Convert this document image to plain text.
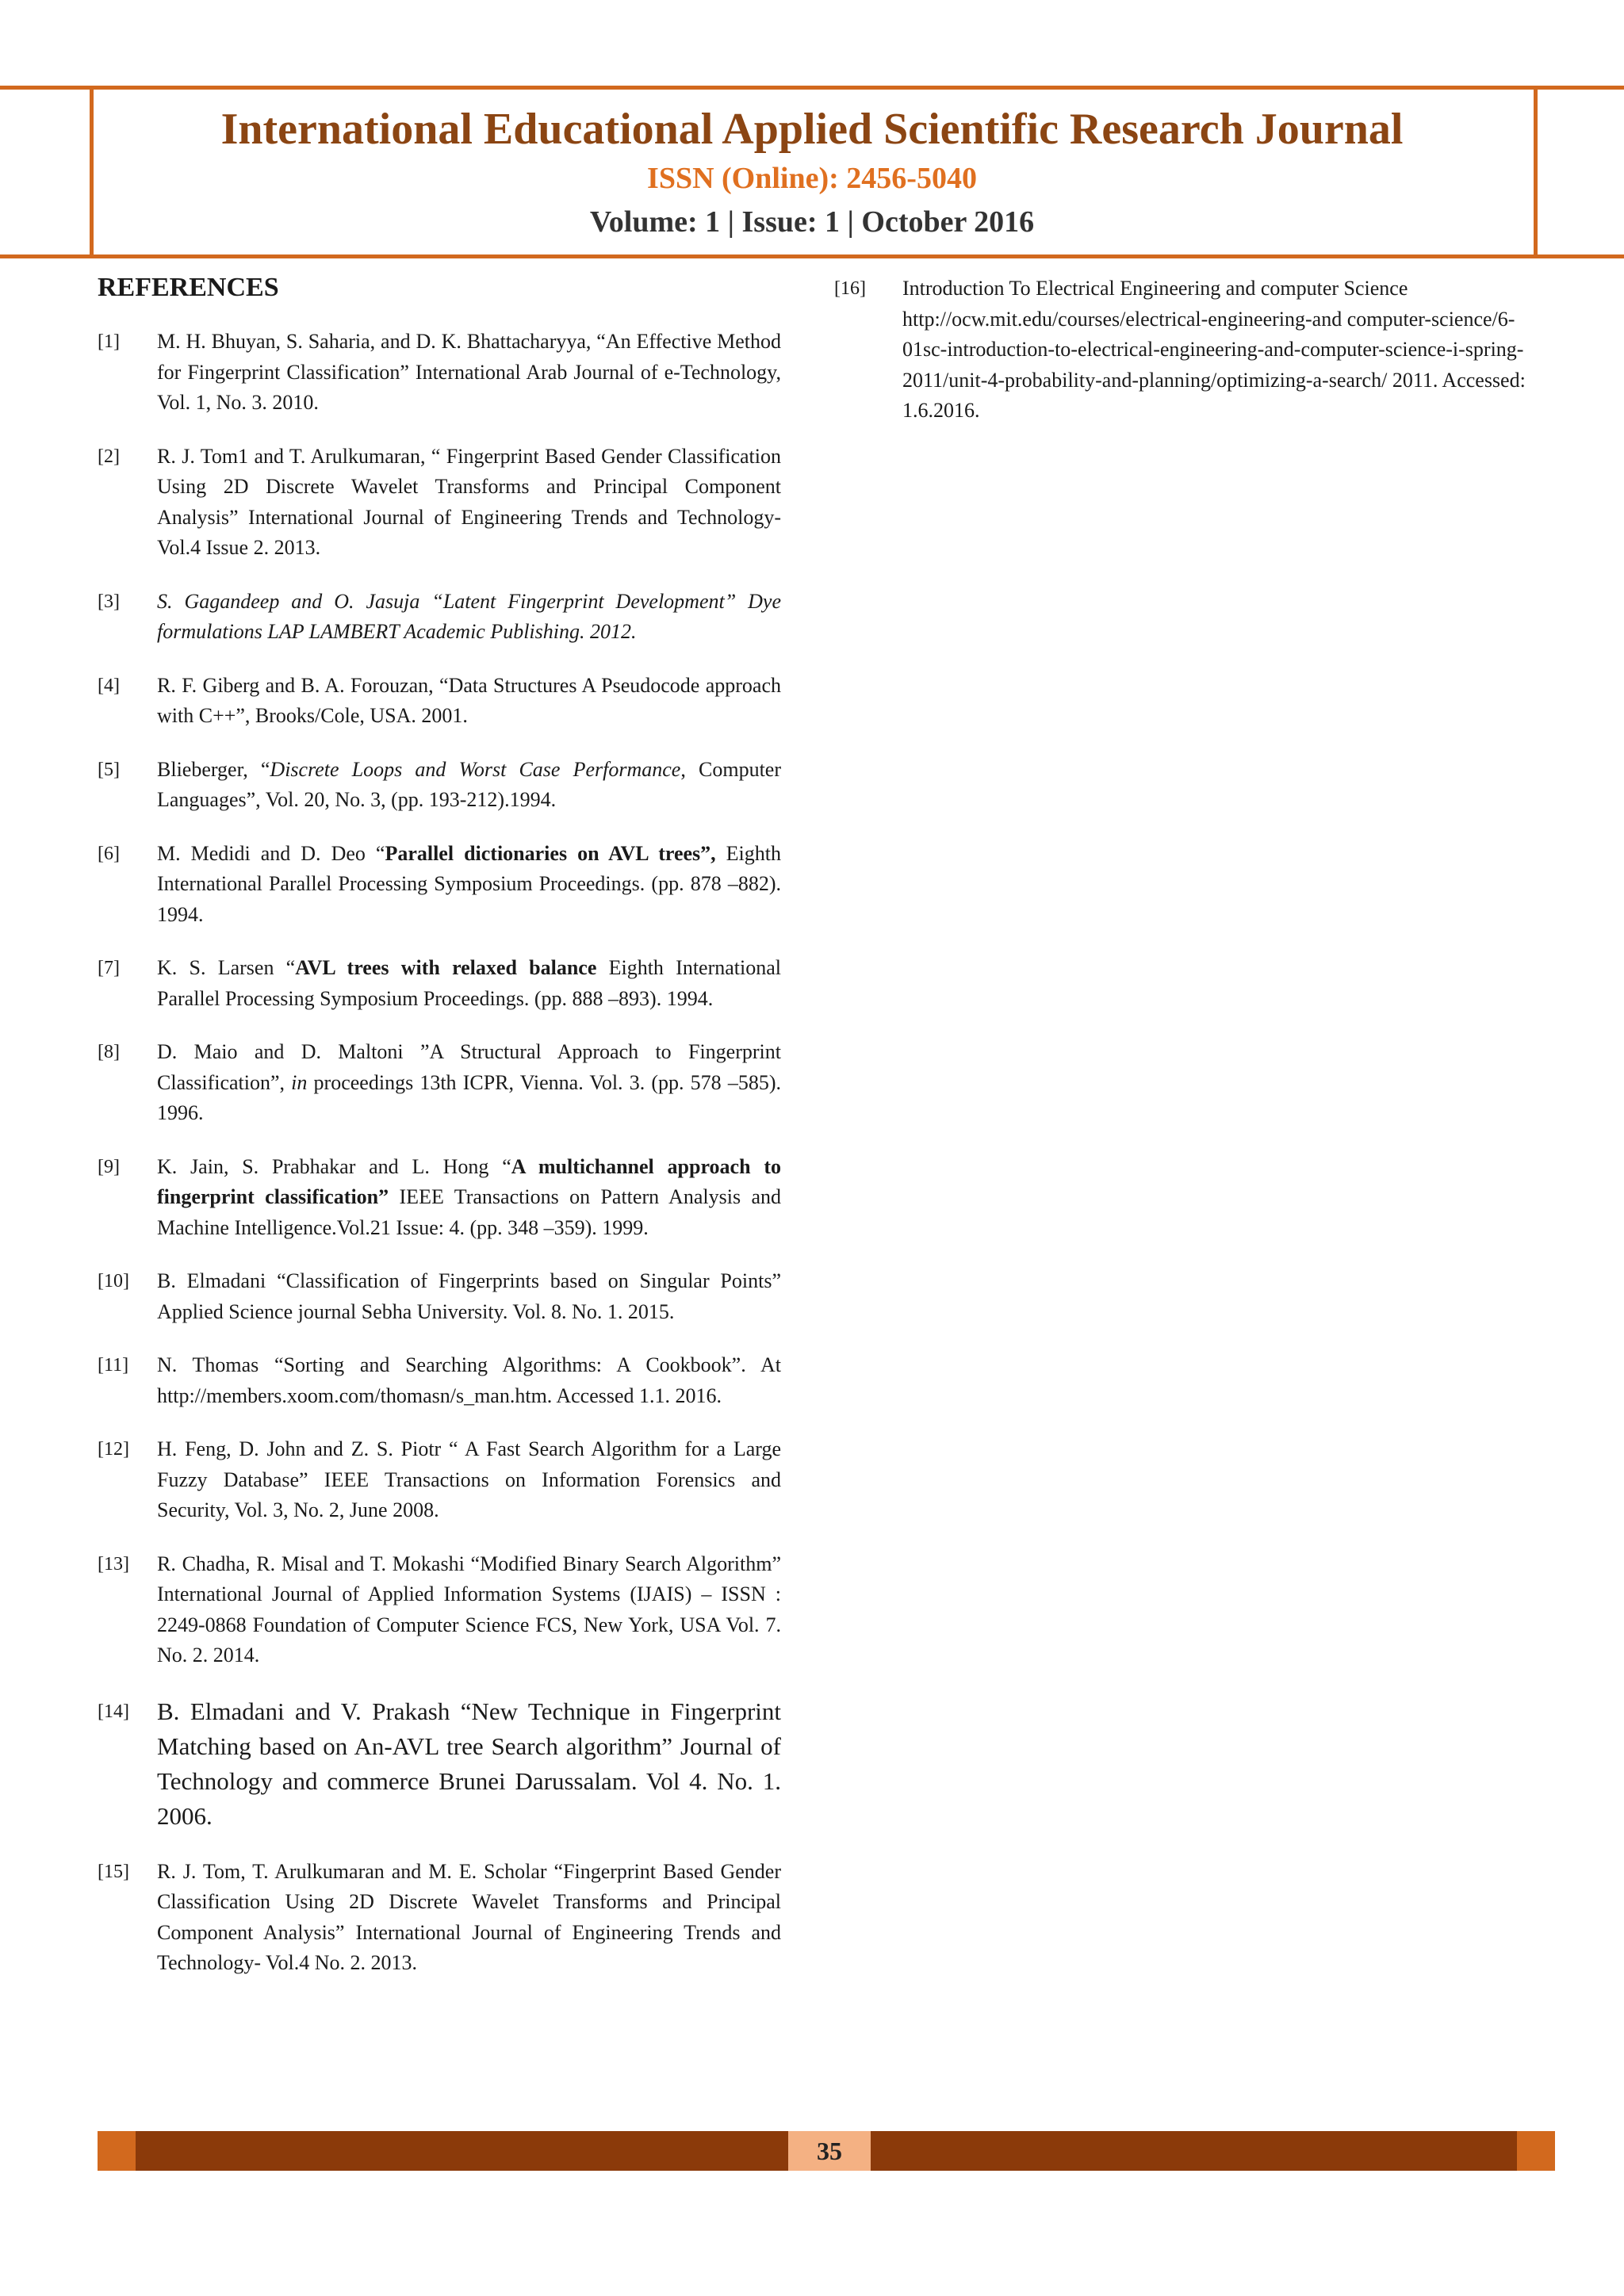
International Educational Applied Scientific Research Journal
ISSN (Online): 2456-5040
Volume: 1 | Issue: 1 | October 2016
REFERENCES
[1]	M. H. Bhuyan, S. Saharia, and D. K. Bhattacharyya, “An Effective Method for Fingerprint Classification” International Arab Journal of e-Technology, Vol. 1, No. 3. 2010.
[2]	R. J. Tom1 and T. Arulkumaran, “ Fingerprint Based Gender Classification Using 2D Discrete Wavelet Transforms and Principal Component Analysis” International Journal of Engineering Trends and Technology- Vol.4 Issue 2. 2013.
[3]	S. Gagandeep and O. Jasuja “Latent Fingerprint Development” Dye formulations LAP LAMBERT Academic Publishing. 2012.
[4]	R. F. Giberg and B. A. Forouzan, “Data Structures A Pseudocode approach with C++”, Brooks/Cole, USA. 2001.
[5]	Blieberger, “Discrete Loops and Worst Case Performance, Computer Languages”, Vol. 20, No. 3, (pp. 193-212).1994.
[6]	M. Medidi and D. Deo “Parallel dictionaries on AVL trees”, Eighth International Parallel Processing Symposium Proceedings. (pp. 878 –882). 1994.
[7]	K. S. Larsen “AVL trees with relaxed balance Eighth International Parallel Processing Symposium Proceedings. (pp. 888 –893). 1994.
[8]	D. Maio and D. Maltoni ”A Structural Approach to Fingerprint Classification”, in proceedings 13th ICPR, Vienna. Vol. 3. (pp. 578 –585). 1996.
[9]	K. Jain, S. Prabhakar and L. Hong “A multichannel approach to fingerprint classification” IEEE Transactions on Pattern Analysis and Machine Intelligence.Vol.21 Issue: 4. (pp. 348 –359). 1999.
[10]	B. Elmadani “Classification of Fingerprints based on Singular Points” Applied Science journal Sebha University. Vol. 8. No. 1. 2015.
[11]	N. Thomas “Sorting and Searching Algorithms: A Cookbook”. At http://members.xoom.com/thomasn/s_man.htm. Accessed 1.1. 2016.
[12]	H. Feng, D. John and Z. S. Piotr “ A Fast Search Algorithm for a Large Fuzzy Database” IEEE Transactions on Information Forensics and Security, Vol. 3, No. 2, June 2008.
[13]	R. Chadha, R. Misal and T. Mokashi “Modified Binary Search Algorithm” International Journal of Applied Information Systems (IJAIS) – ISSN : 2249-0868 Foundation of Computer Science FCS, New York, USA Vol. 7. No. 2. 2014.
[14]	B. Elmadani and V. Prakash “New Technique in Fingerprint Matching based on An-AVL tree Search algorithm” Journal of Technology and commerce Brunei Darussalam. Vol 4. No. 1. 2006.
[15]	R. J. Tom, T. Arulkumaran and M. E. Scholar “Fingerprint Based Gender Classification Using 2D Discrete Wavelet Transforms and Principal Component Analysis” International Journal of Engineering Trends and Technology- Vol.4 No. 2. 2013.
[16]	Introduction To Electrical Engineering and computer Science http://ocw.mit.edu/courses/electrical-engineering-and computer-science/6-01sc-introduction-to-electrical-engineering-and-computer-science-i-spring-2011/unit-4-probability-and-planning/optimizing-a-search/ 2011. Accessed: 1.6.2016.
35
